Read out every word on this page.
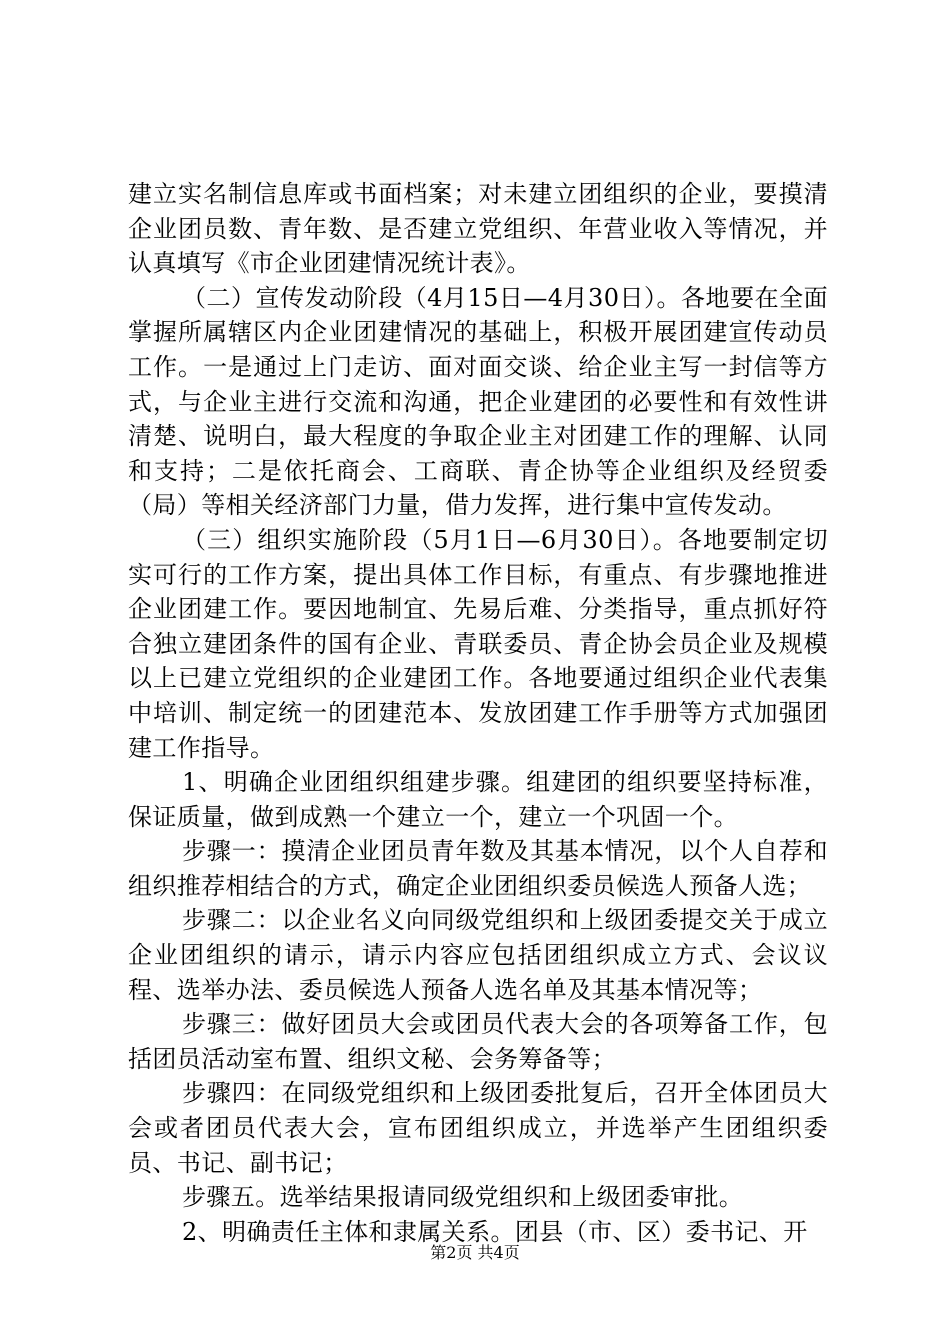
建立实名制信息库或书面档案；对未建立团组织的企业，要摸清企业团员数、青年数、是否建立党组织、年营业收入等情况，并认真填写《市企业团建情况统计表》。

（二）宣传发动阶段（4月15日—4月30日）。各地要在全面掌握所属辖区内企业团建情况的基础上，积极开展团建宣传动员工作。一是通过上门走访、面对面交谈、给企业主写一封信等方式，与企业主进行交流和沟通，把企业建团的必要性和有效性讲清楚、说明白，最大程度的争取企业主对团建工作的理解、认同和支持；二是依托商会、工商联、青企协等企业组织及经贸委（局）等相关经济部门力量，借力发挥，进行集中宣传发动。

（三）组织实施阶段（5月1日—6月30日）。各地要制定切实可行的工作方案，提出具体工作目标，有重点、有步骤地推进企业团建工作。要因地制宜、先易后难、分类指导，重点抓好符合独立建团条件的国有企业、青联委员、青企协会员企业及规模以上已建立党组织的企业建团工作。各地要通过组织企业代表集中培训、制定统一的团建范本、发放团建工作手册等方式加强团建工作指导。

1、明确企业团组织组建步骤。组建团的组织要坚持标准，保证质量，做到成熟一个建立一个，建立一个巩固一个。

步骤一：摸清企业团员青年数及其基本情况，以个人自荐和组织推荐相结合的方式，确定企业团组织委员候选人预备人选；

步骤二：以企业名义向同级党组织和上级团委提交关于成立企业团组织的请示，请示内容应包括团组织成立方式、会议议程、选举办法、委员候选人预备人选名单及其基本情况等；

步骤三：做好团员大会或团员代表大会的各项筹备工作，包括团员活动室布置、组织文秘、会务筹备等；

步骤四：在同级党组织和上级团委批复后，召开全体团员大会或者团员代表大会，宣布团组织成立，并选举产生团组织委员、书记、副书记；

步骤五。选举结果报请同级党组织和上级团委审批。

2、明确责任主体和隶属关系。团县（市、区）委书记、开

第2页 共4页
